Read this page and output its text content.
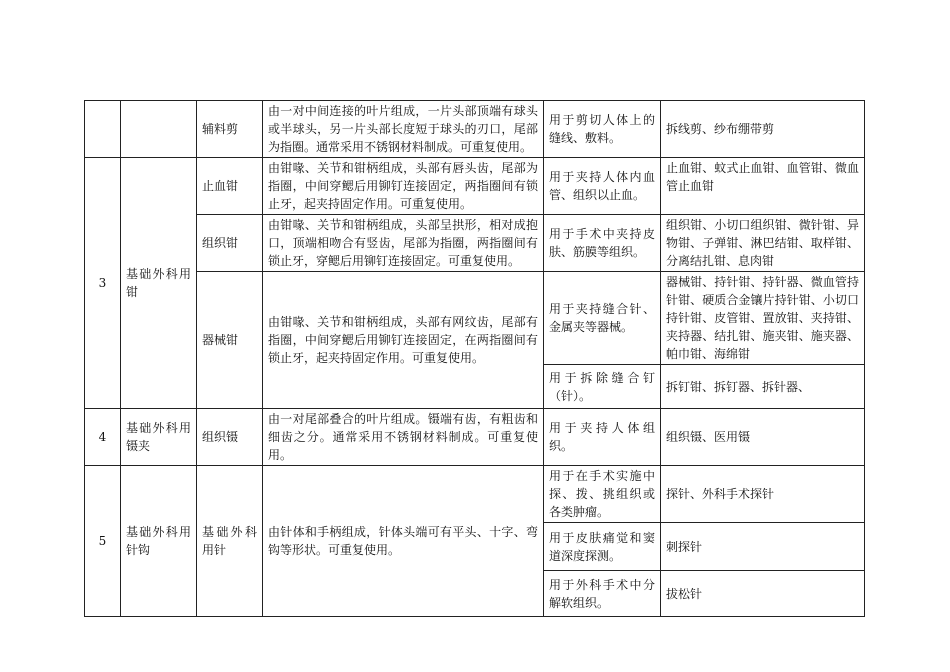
		辅料剪	由一对中间连接的叶片组成，一片头部顶端有球头或半球头，另一片头部长度短于球头的刃口，尾部为指圈。通常采用不锈钢材料制成。可重复使用。	用于剪切人体上的缝线、敷料。	拆线剪、纱布绷带剪
3	基础外科用钳	止血钳	由钳喙、关节和钳柄组成，头部有唇头齿，尾部为指圈，中间穿鳃后用铆钉连接固定，两指圈间有锁止牙，起夹持固定作用。可重复使用。	用于夹持人体内血管、组织以止血。	止血钳、蚊式止血钳、血管钳、微血管止血钳
		组织钳	由钳喙、关节和钳柄组成，头部呈拱形，相对成抱口，顶端相吻合有竖齿，尾部为指圈，两指圈间有锁止牙，穿鳃后用铆钉连接固定。可重复使用。	用于手术中夹持皮肤、筋膜等组织。	组织钳、小切口组织钳、微针钳、异物钳、子弹钳、淋巴结钳、取样钳、分离结扎钳、息肉钳
		器械钳	由钳喙、关节和钳柄组成，头部有网纹齿，尾部有指圈，中间穿鳃后用铆钉连接固定，在两指圈间有锁止牙，起夹持固定作用。可重复使用。	用于夹持缝合针、金属夹等器械。	器械钳、持针钳、持针器、微血管持针钳、硬质合金镶片持针钳、小切口持针钳、皮管钳、置放钳、夹持钳、夹持器、结扎钳、施夹钳、施夹器、帕巾钳、海绵钳
				用于拆除缝合钉（针）。	拆钉钳、拆钉器、拆针器、
4	基础外科用镊夹	组织镊	由一对尾部叠合的叶片组成。镊端有齿，有粗齿和细齿之分。通常采用不锈钢材料制成。可重复使用。	用于夹持人体组织。	组织镊、医用镊
5	基础外科用针钩	基础外科用针	由针体和手柄组成，针体头端可有平头、十字、弯钩等形状。可重复使用。	用于在手术实施中探、拨、挑组织或各类肿瘤。	探针、外科手术探针
				用于皮肤痛觉和窦道深度探测。	刺探针
				用于外科手术中分解软组织。	拔松针
